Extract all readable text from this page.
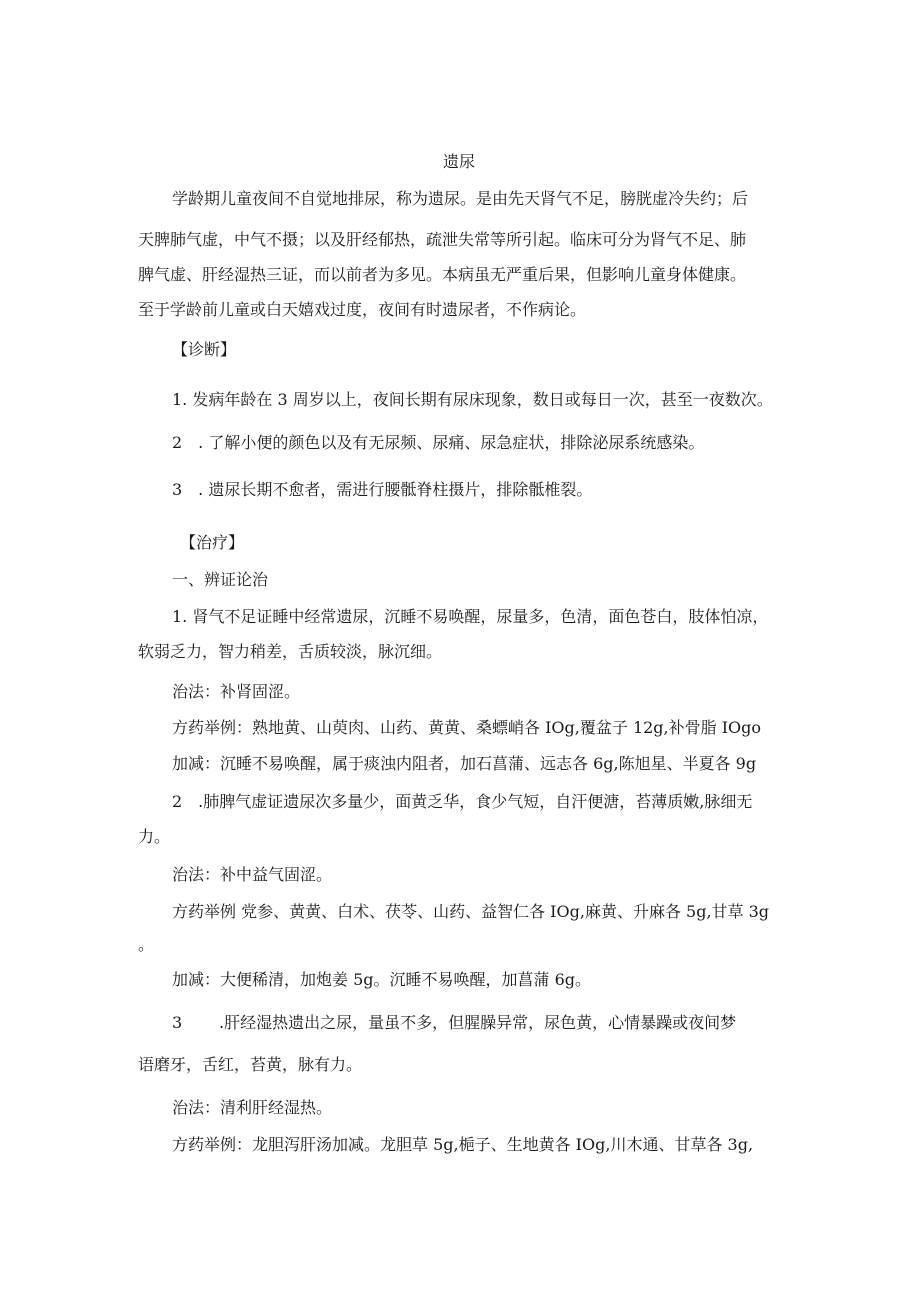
遗尿
学龄期儿童夜间不自觉地排尿，称为遗尿。是由先天肾气不足，膀胱虚冷失约；后
天脾肺气虚，中气不摄；以及肝经郁热，疏泄失常等所引起。临床可分为肾气不足、肺
脾气虚、肝经湿热三证，而以前者为多见。本病虽无严重后果，但影响儿童身体健康。
至于学龄前儿童或白天嬉戏过度，夜间有时遗尿者，不作病论。
【诊断】
1. 发病年龄在 3 周岁以上，夜间长期有尿床现象，数日或每日一次，甚至一夜数次。
2　. 了解小便的颜色以及有无尿频、尿痛、尿急症状，排除泌尿系统感染。
3　. 遗尿长期不愈者，需进行腰骶脊柱摄片，排除骶椎裂。
【治疗】
一、辨证论治
1. 肾气不足证睡中经常遗尿，沉睡不易唤醒，尿量多，色清，面色苍白，肢体怕凉，
软弱乏力，智力稍差，舌质较淡，脉沉细。
治法：补肾固涩。
方药举例：熟地黄、山萸肉、山药、黄黄、桑螵峭各 IOg,覆盆子 12g,补骨脂 IOgo
加减：沉睡不易唤醒，属于痰浊内阻者，加石菖蒲、远志各 6g,陈旭星、半夏各 9g
2　.肺脾气虚证遗尿次多量少，面黄乏华，食少气短，自汗便溏，苔薄质嫩,脉细无
力。
治法：补中益气固涩。
方药举例 党参、黄黄、白术、茯苓、山药、益智仁各 IOg,麻黄、升麻各 5g,甘草 3g
。
加减：大便稀清，加炮姜 5g。沉睡不易唤醒，加菖蒲 6g。
3 .肝经湿热遗出之尿，量虽不多，但腥臊异常，尿色黄，心情暴躁或夜间梦
语磨牙，舌红，苔黄，脉有力。
治法：清利肝经湿热。
方药举例：龙胆泻肝汤加减。龙胆草 5g,梔子、生地黄各 IOg,川木通、甘草各 3g,
